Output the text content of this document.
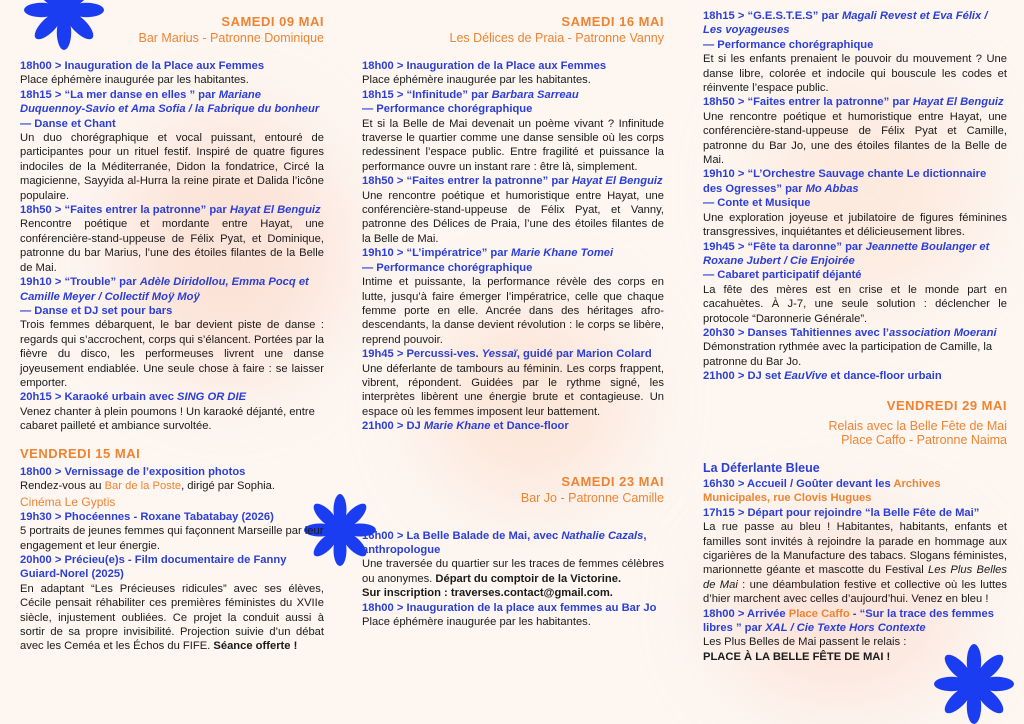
SAMEDI 09 MAI
Bar Marius - Patronne Dominique

18h00 > Inauguration de la Place aux Femmes

Place éphémère inaugurée par les habitantes.

18h15 > “La mer danse en elles ” par Mariane Duquennoy-Savio et Ama Sofia / la Fabrique du bonheur

— Danse et Chant

Un duo chorégraphique et vocal puissant, entouré de participantes pour un rituel festif. Inspiré de quatre figures indociles de la Méditerranée, Didon la fondatrice, Circé la magicienne, Sayyida al-Hurra la reine pirate et Dalida l’icône populaire.

18h50 > “Faites entrer la patronne” par Hayat El Benguiz

Rencontre poétique et mordante entre Hayat, une conférencière-stand-uppeuse de Félix Pyat, et Dominique, patronne du bar Marius, l’une des étoiles filantes de la Belle de Mai.

19h10 > “Trouble” par Adèle Diridollou, Emma Pocq et Camille Meyer / Collectif Moÿ Moÿ

— Danse et DJ set pour bars

Trois femmes débarquent, le bar devient piste de danse : regards qui s’accrochent, corps qui s’élancent. Portées par la fièvre du disco, les performeuses livrent une danse joyeusement endiablée. Une seule chose à faire : se laisser emporter.

20h15 > Karaoké urbain avec SING OR DIE

Venez chanter à plein poumons ! Un karaoké déjanté, entre cabaret pailleté et ambiance survoltée.

VENDREDI 15 MAI

18h00 > Vernissage de l’exposition photos

Rendez-vous au Bar de la Poste, dirigé par Sophia.

Cinéma Le Gyptis

19h30 > Phocéennes - Roxane Tabatabay (2026)

5 portraits de jeunes femmes qui façonnent Marseille par leur engagement et leur énergie.

20h00 > Précieu(e)s - Film documentaire de Fanny Guiard-Norel (2025)

En adaptant “Les Précieuses ridicules” avec ses élèves, Cécile pensait réhabiliter ces premières féministes du XVIIe siècle, injustement oubliées. Ce projet la conduit aussi à sortir de sa propre invisibilité. Projection suivie d’un débat avec les Ceméa et les Échos du FIFE. Séance offerte !

SAMEDI 16 MAI
Les Délices de Praia - Patronne Vanny

18h00 > Inauguration de la Place aux Femmes

Place éphémère inaugurée par les habitantes.

18h15 > “Infinitude” par Barbara Sarreau

— Performance chorégraphique

Et si la Belle de Mai devenait un poème vivant ? Infinitude traverse le quartier comme une danse sensible où les corps redessinent l’espace public. Entre fragilité et puissance la performance ouvre un instant rare : être là, simplement.

18h50 > “Faites entrer la patronne” par Hayat El Benguiz

Une rencontre poétique et humoristique entre Hayat, une conférencière-stand-uppeuse de Félix Pyat, et Vanny, patronne des Délices de Praia, l’une des étoiles filantes de la Belle de Mai.

19h10 > “L’impératrice” par Marie Khane Tomei

— Performance chorégraphique

Intime et puissante, la performance révèle des corps en lutte, jusqu’à faire émerger l’impératrice, celle que chaque femme porte en elle. Ancrée dans des héritages afro-descendants, la danse devient révolution : le corps se libère, reprend pouvoir.

19h45 > Percussi-ves. Yessaï, guidé par Marion Colard

Une déferlante de tambours au féminin. Les corps frappent, vibrent, répondent. Guidées par le rythme signé, les interprètes libèrent une énergie brute et contagieuse. Un espace où les femmes imposent leur battement.

21h00 > DJ Marie Khane et Dance-floor

SAMEDI 23 MAI
Bar Jo - Patronne Camille

16h00 > La Belle Balade de Mai, avec Nathalie Cazals, anthropologue

Une traversée du quartier sur les traces de femmes célèbres ou anonymes. Départ du comptoir de la Victorine.

Sur inscription : traverses.contact@gmail.com.

18h00 > Inauguration de la place aux femmes au Bar Jo

Place éphémère inaugurée par les habitantes.

18h15 > “G.E.S.T.E.S” par Magali Revest et Eva Félix / Les voyageuses

— Performance chorégraphique

Et si les enfants prenaient le pouvoir du mouvement ? Une danse libre, colorée et indocile qui bouscule les codes et réinvente l’espace public.

18h50 > “Faites entrer la patronne” par Hayat El Benguiz

Une rencontre poétique et humoristique entre Hayat, une conférencière-stand-uppeuse de Félix Pyat et Camille, patronne du Bar Jo, une des étoiles filantes de la Belle de Mai.

19h10 > “L’Orchestre Sauvage chante Le dictionnaire des Ogresses” par Mo Abbas

— Conte et Musique

Une exploration joyeuse et jubilatoire de figures féminines transgressives, inquiétantes et délicieusement libres.

19h45 > “Fête ta daronne” par Jeannette Boulanger et Roxane Jubert / Cie Enjoirée

— Cabaret participatif déjanté

La fête des mères est en crise et le monde part en cacahuètes. À J-7, une seule solution : déclencher le protocole “Daronnerie Générale”.

20h30 > Danses Tahitiennes avec l’association Moerani

Démonstration rythmée avec la participation de Camille, la patronne du Bar Jo.

21h00 > DJ set EauVive et dance-floor urbain

VENDREDI 29 MAI
Relais avec la Belle Fête de Mai
Place Caffo - Patronne Naima

La Déferlante Bleue

16h30 > Accueil / Goûter devant les Archives Municipales, rue Clovis Hugues

17h15 > Départ pour rejoindre “la Belle Fête de Mai”

La rue passe au bleu ! Habitantes, habitants, enfants et familles sont invités à rejoindre la parade en hommage aux cigarières de la Manufacture des tabacs. Slogans féministes, marionnette géante et mascotte du Festival Les Plus Belles de Mai : une déambulation festive et collective où les luttes d’hier marchent avec celles d’aujourd’hui. Venez en bleu !

18h00 > Arrivée Place Caffo - “Sur la trace des femmes libres ” par XAL / Cie Texte Hors Contexte

Les Plus Belles de Mai passent le relais :

PLACE À LA BELLE FÊTE DE MAI !
